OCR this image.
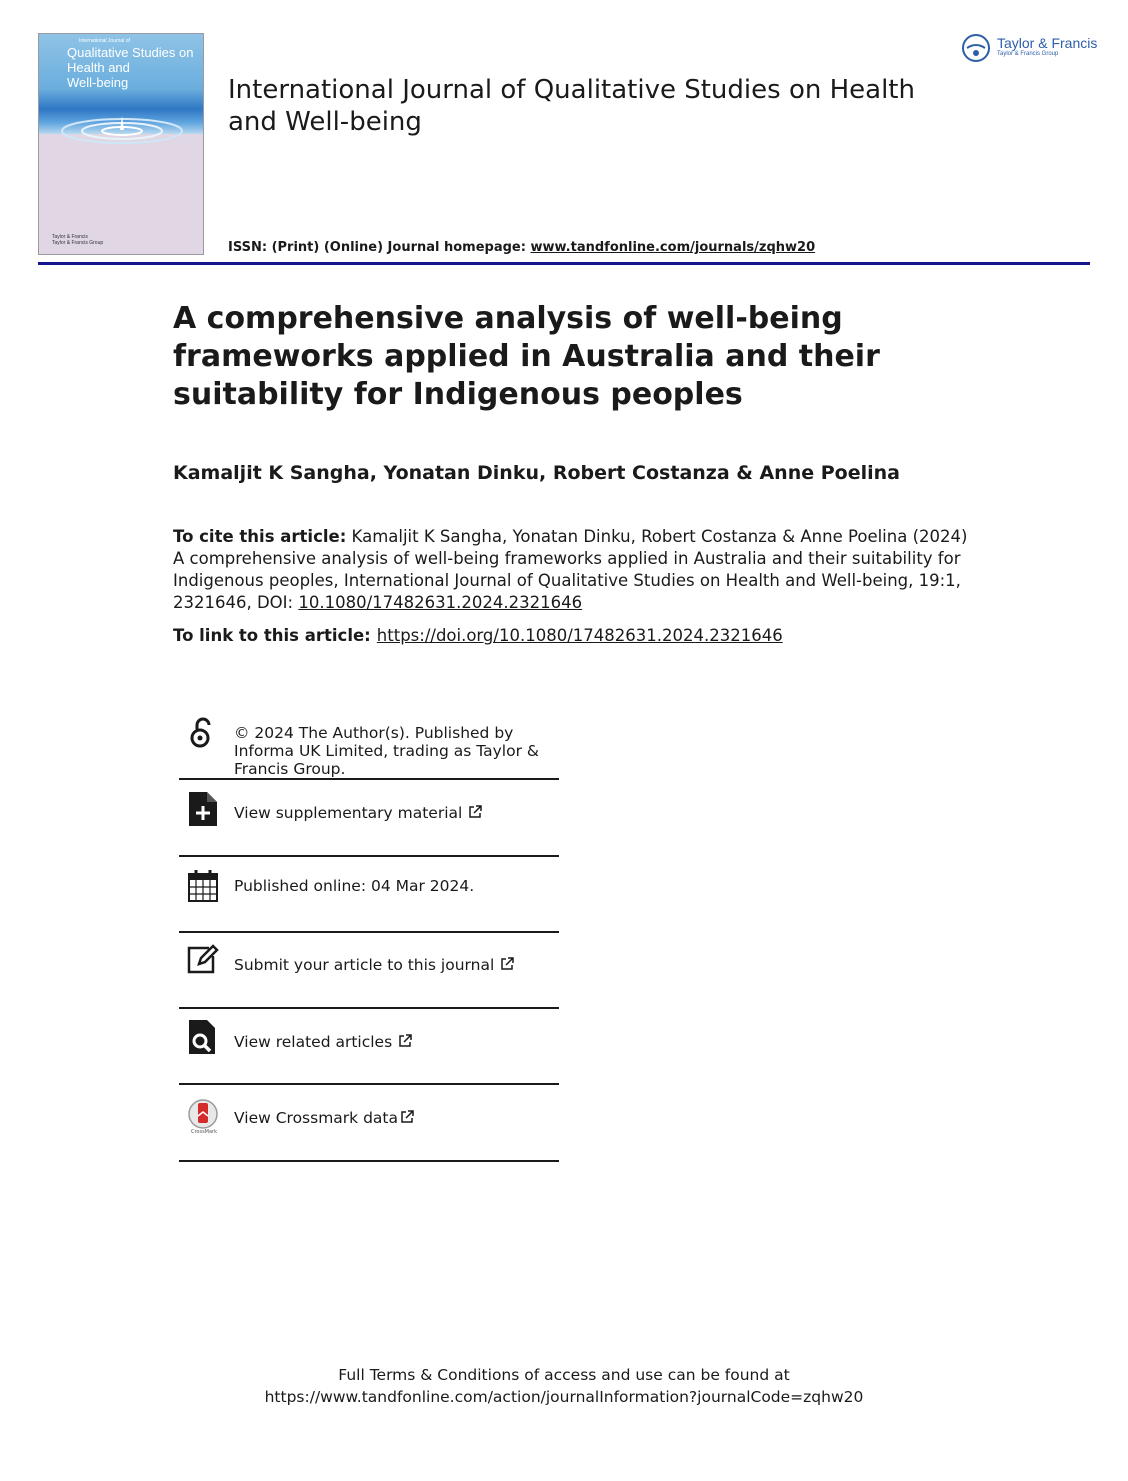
International Journal of
Qualitative Studies on
Health and
Well-being
Taylor & Francis
Taylor & Francis Group
Taylor & Francis
Taylor & Francis Group
International Journal of Qualitative Studies on Health and Well-being
ISSN: (Print) (Online) Journal homepage: www.tandfonline.com/journals/zqhw20
A comprehensive analysis of well-being frameworks applied in Australia and their suitability for Indigenous peoples
Kamaljit K Sangha, Yonatan Dinku, Robert Costanza & Anne Poelina
To cite this article: Kamaljit K Sangha, Yonatan Dinku, Robert Costanza & Anne Poelina (2024) A comprehensive analysis of well-being frameworks applied in Australia and their suitability for Indigenous peoples, International Journal of Qualitative Studies on Health and Well-being, 19:1, 2321646, DOI: 10.1080/17482631.2024.2321646
To link to this article: https://doi.org/10.1080/17482631.2024.2321646
© 2024 The Author(s). Published by Informa UK Limited, trading as Taylor & Francis Group.
View supplementary material
Published online: 04 Mar 2024.
Submit your article to this journal
View related articles
CrossMark
View Crossmark data
Full Terms & Conditions of access and use can be found at
https://www.tandfonline.com/action/journalInformation?journalCode=zqhw20
